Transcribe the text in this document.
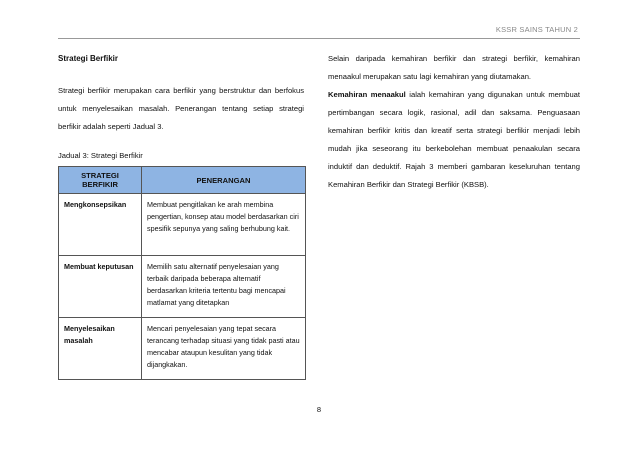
KSSR SAINS TAHUN 2

Strategi Berfikir

Strategi berfikir merupakan cara berfikir yang berstruktur dan berfokus untuk menyelesaikan masalah. Penerangan tentang setiap strategi berfikir adalah seperti Jadual 3.

Jadual 3: Strategi Berfikir
STRATEGI BERFIKIR	PENERANGAN
Mengkonsepsikan	Membuat pengitlakan ke arah membina pengertian, konsep atau model berdasarkan ciri spesifik sepunya yang saling berhubung kait.
Membuat keputusan	Memilih satu alternatif penyelesaian yang terbaik daripada beberapa alternatif berdasarkan kriteria tertentu bagi mencapai matlamat yang ditetapkan
Menyelesaikan masalah	Mencari penyelesaian yang tepat secara terancang terhadap situasi yang tidak pasti atau mencabar ataupun kesulitan yang tidak dijangkakan.

Selain daripada kemahiran berfikir dan strategi berfikir, kemahiran menaakul merupakan satu lagi kemahiran yang diutamakan.

Kemahiran menaakul ialah kemahiran yang digunakan untuk membuat pertimbangan secara logik, rasional, adil dan saksama. Penguasaan kemahiran berfikir kritis dan kreatif serta strategi berfikir menjadi lebih mudah jika seseorang itu berkebolehan membuat penaakulan secara induktif dan deduktif. Rajah 3 memberi gambaran keseluruhan tentang Kemahiran Berfikir dan Strategi Berfikir (KBSB).

8
